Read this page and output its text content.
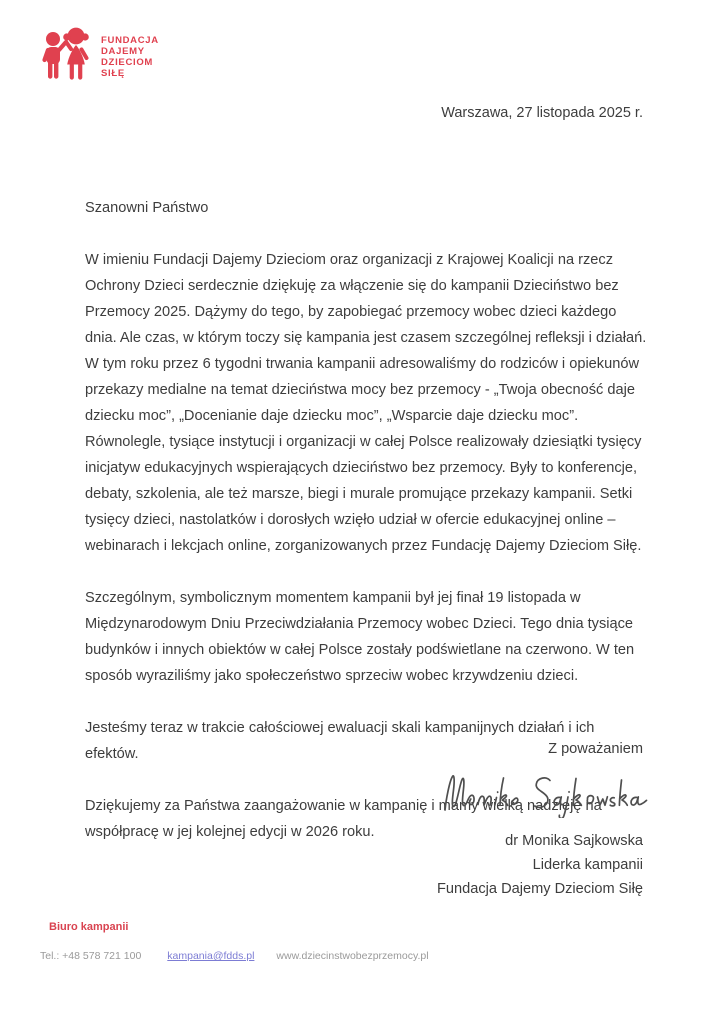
FUNDACJA
DAJEMY
DZIECIOM
SIŁĘ
Warszawa, 27 listopada 2025 r.
Szanowni Państwo

W imieniu Fundacji Dajemy Dzieciom oraz organizacji z Krajowej Koalicji na rzecz Ochrony Dzieci serdecznie dziękuję za włączenie się do kampanii Dzieciństwo bez Przemocy 2025. Dążymy do tego, by zapobiegać przemocy wobec dzieci każdego dnia. Ale czas, w którym toczy się kampania jest czasem szczególnej refleksji i działań. W tym roku przez 6 tygodni trwania kampanii adresowaliśmy do rodziców i opiekunów przekazy medialne na temat dzieciństwa mocy bez przemocy - „Twoja obecność daje dziecku moc”, „Docenianie daje dziecku moc”, „Wsparcie daje dziecku moc”. Równolegle, tysiące instytucji i organizacji w całej Polsce realizowały dziesiątki tysięcy inicjatyw edukacyjnych wspierających dzieciństwo bez przemocy. Były to konferencje, debaty, szkolenia, ale też marsze, biegi i murale promujące przekazy kampanii. Setki tysięcy dzieci, nastolatków i dorosłych wzięło udział w ofercie edukacyjnej online – webinarach i lekcjach online, zorganizowanych przez Fundację Dajemy Dzieciom Siłę.

Szczególnym, symbolicznym momentem kampanii był jej finał 19 listopada w Międzynarodowym Dniu Przeciwdziałania Przemocy wobec Dzieci. Tego dnia tysiące budynków i innych obiektów w całej Polsce zostały podświetlane na czerwono. W ten sposób wyraziliśmy jako społeczeństwo sprzeciw wobec krzywdzeniu dzieci.

Jesteśmy teraz w trakcie całościowej ewaluacji skali kampanijnych działań i ich efektów.

Dziękujemy za Państwa zaangażowanie w kampanię i mamy wielką nadzieję na współpracę w jej kolejnej edycji w 2026 roku.

Z poważaniem
dr Monika Sajkowska
Liderka kampanii
Fundacja Dajemy Dzieciom Siłę
Biuro kampanii
Tel.: +48 578 721 100 kampania@fdds.pl www.dziecinstwobezprzemocy.pl
